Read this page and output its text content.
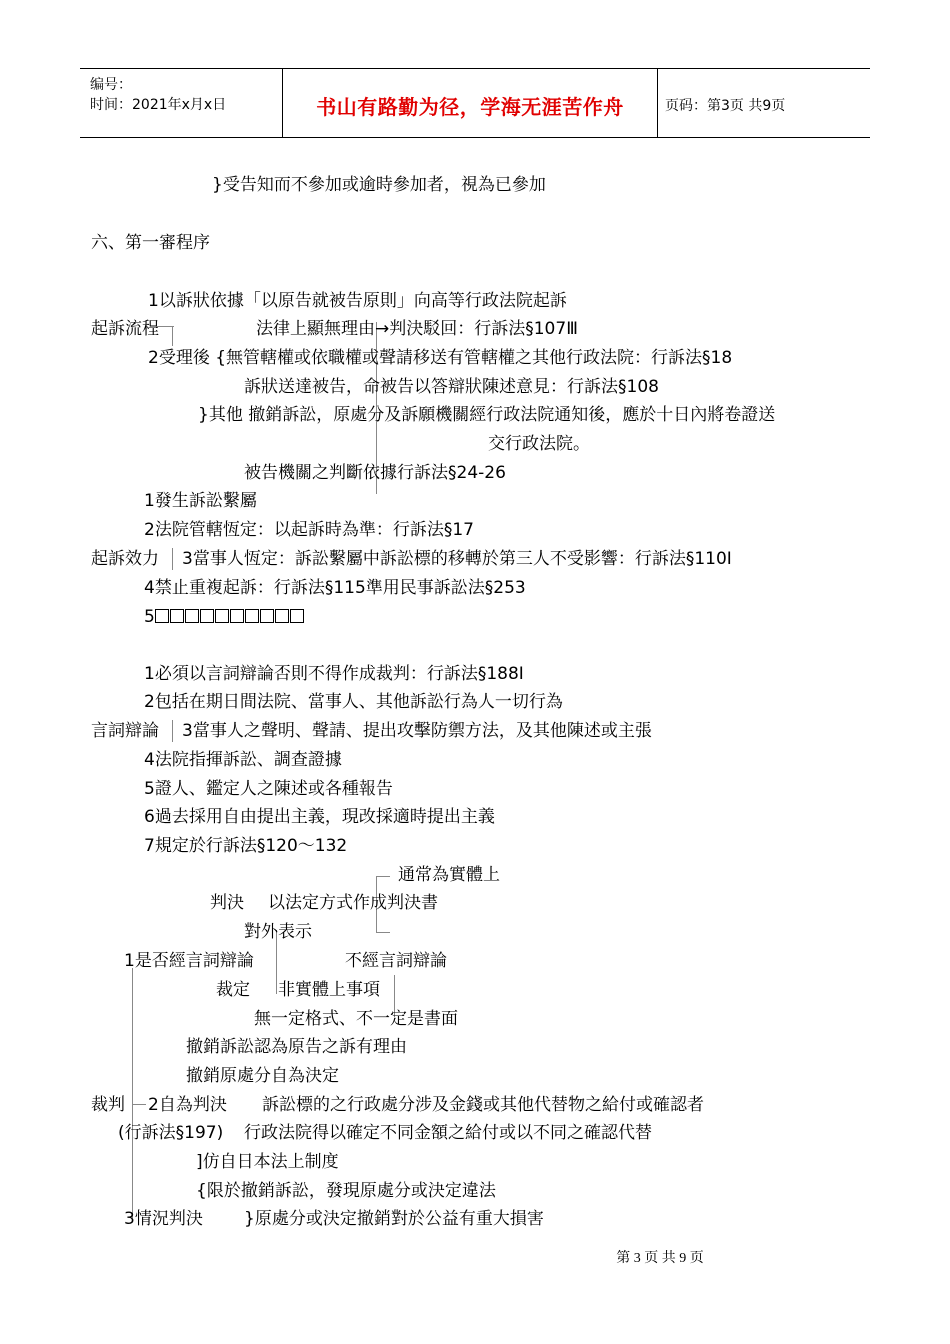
编号：
时间：2021年x月x日	书山有路勤为径，学海无涯苦作舟	页码：第3页 共9页
}受告知而不參加或逾時參加者，視為已參加
六、第一審程序
1以訴狀依據「以原告就被告原則」向高等行政法院起訴
起訴流程	法律上顯無理由→判決駁回：行訴法§107Ⅲ
2受理後 {無管轄權或依職權或聲請移送有管轄權之其他行政法院：行訴法§18
訴狀送達被告，命被告以答辯狀陳述意見：行訴法§108
}其他 撤銷訴訟，原處分及訴願機關經行政法院通知後，應於十日內將卷證送
交行政法院。
被告機關之判斷依據行訴法§24-26
1發生訴訟繫屬
2法院管轄恆定：以起訴時為準：行訴法§17
起訴效力 3當事人恆定：訴訟繫屬中訴訟標的移轉於第三人不受影響：行訴法§110Ⅰ
4禁止重複起訴：行訴法§115準用民事訴訟法§253
5
1必須以言詞辯論否則不得作成裁判：行訴法§188Ⅰ
2包括在期日間法院、當事人、其他訴訟行為人一切行為
言詞辯論 3當事人之聲明、聲請、提出攻擊防禦方法，及其他陳述或主張
4法院指揮訴訟、調查證據
5證人、鑑定人之陳述或各種報告
6過去採用自由提出主義，現改採適時提出主義
7規定於行訴法§120～132
通常為實體上
判決 以法定方式作成判決書
對外表示
1是否經言詞辯論	不經言詞辯論
裁定 非實體上事項
無一定格式、不一定是書面
撤銷訴訟認為原告之訴有理由
撤銷原處分自為決定
裁判 2自為判決 訴訟標的之行政處分涉及金錢或其他代替物之給付或確認者
(行訴法§197) 行政法院得以確定不同金額之給付或以不同之確認代替
]仿自日本法上制度
{限於撤銷訴訟，發現原處分或決定違法
3情況判決 }原處分或決定撤銷對於公益有重大損害
第 3 页 共 9 页
